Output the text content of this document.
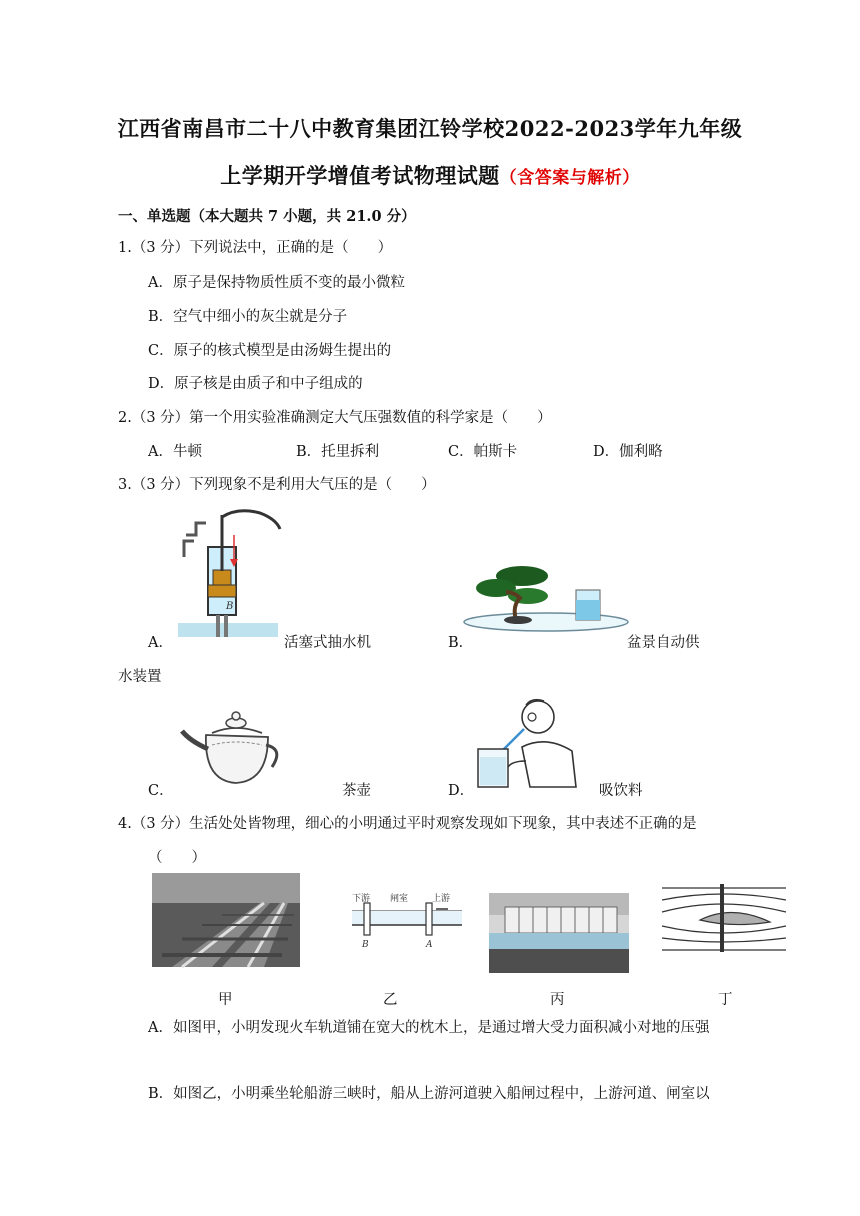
江西省南昌市二十八中教育集团江铃学校2022-2023学年九年级
上学期开学增值考试物理试题（含答案与解析）
一、单选题（本大题共 7 小题，共 21.0 分）
1.（3 分）下列说法中，正确的是（　　）
A．原子是保持物质性质不变的最小微粒
B．空气中细小的灰尘就是分子
C．原子的核式模型是由汤姆生提出的
D．原子核是由质子和中子组成的
2.（3 分）第一个用实验准确测定大气压强数值的科学家是（　　）
A．牛顿	B．托里拆利	C．帕斯卡	D．伽利略
3.（3 分）下列现象不是利用大气压的是（　　）
B
A．	活塞式抽水机	B．	盆景自动供
水装置
C．	茶壶	D．	吸饮料
4.（3 分）生活处处皆物理，细心的小明通过平时观察发现如下现象，其中表述不正确的是
（　　）
下游 闸室	上游
B	A
甲	乙	丙	丁
A．如图甲，小明发现火车轨道铺在宽大的枕木上，是通过增大受力面积减小对地的压强
B．如图乙，小明乘坐轮船游三峡时，船从上游河道驶入船闸过程中，上游河道、闸室以
